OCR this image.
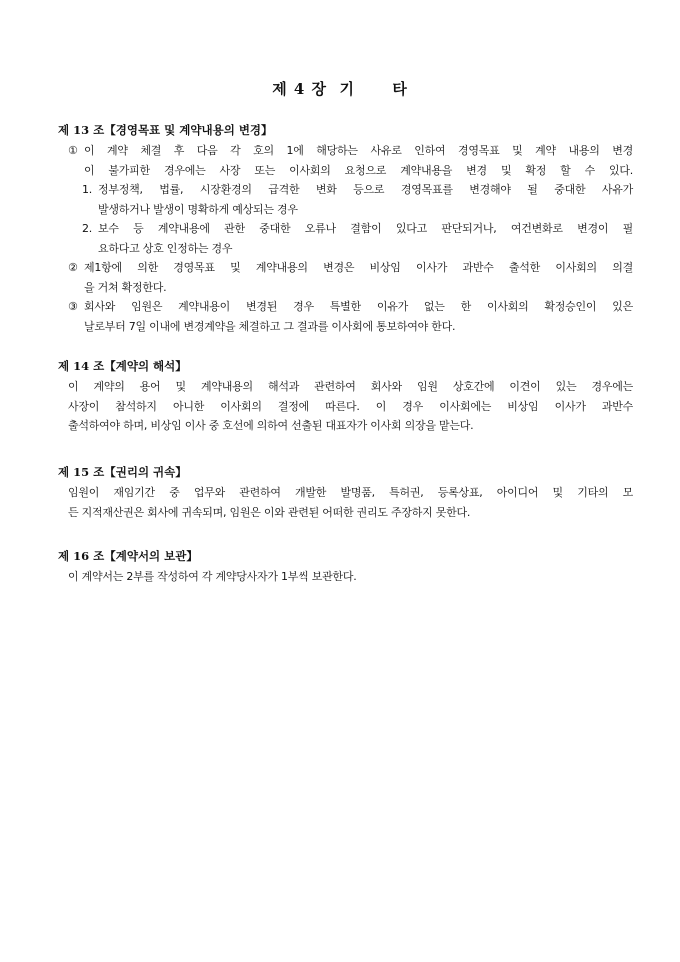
제 4 장  기      타
제 13 조【경영목표 및 계약내용의 변경】
① 이 계약 체결 후 다음 각 호의 1에 해당하는 사유로 인하여 경영목표 및 계약 내용의 변경
이 불가피한 경우에는 사장 또는 이사회의 요청으로 계약내용을 변경 및 확정 할 수 있다.
1. 정부정책, 법률, 시장환경의 급격한 변화 등으로 경영목표를 변경해야 될 중대한 사유가
발생하거나 발생이 명확하게 예상되는 경우
2. 보수 등 계약내용에 관한 중대한 오류나 결함이 있다고 판단되거나, 여건변화로 변경이 필
요하다고 상호 인정하는 경우
② 제1항에 의한 경영목표 및 계약내용의 변경은 비상임 이사가 과반수 출석한 이사회의 의결
을 거쳐 확정한다.
③ 회사와 임원은 계약내용이 변경된 경우 특별한 이유가 없는 한 이사회의 확정승인이 있은
날로부터 7일 이내에 변경계약을 체결하고 그 결과를 이사회에 통보하여야 한다.
제 14 조【계약의 해석】
이 계약의 용어 및 계약내용의 해석과 관련하여 회사와 임원 상호간에 이견이 있는 경우에는
사장이 참석하지 아니한 이사회의 결정에 따른다. 이 경우 이사회에는 비상임 이사가 과반수
출석하여야 하며, 비상임 이사 중 호선에 의하여 선출된 대표자가 이사회 의장을 맡는다.
제 15 조【권리의 귀속】
임원이 재임기간 중 업무와 관련하여 개발한 발명품, 특허권, 등록상표, 아이디어 및 기타의 모
든 지적재산권은 회사에 귀속되며, 임원은 이와 관련된 어떠한 권리도 주장하지 못한다.
제 16 조【계약서의 보관】
이 계약서는 2부를 작성하여 각 계약당사자가 1부씩 보관한다.
